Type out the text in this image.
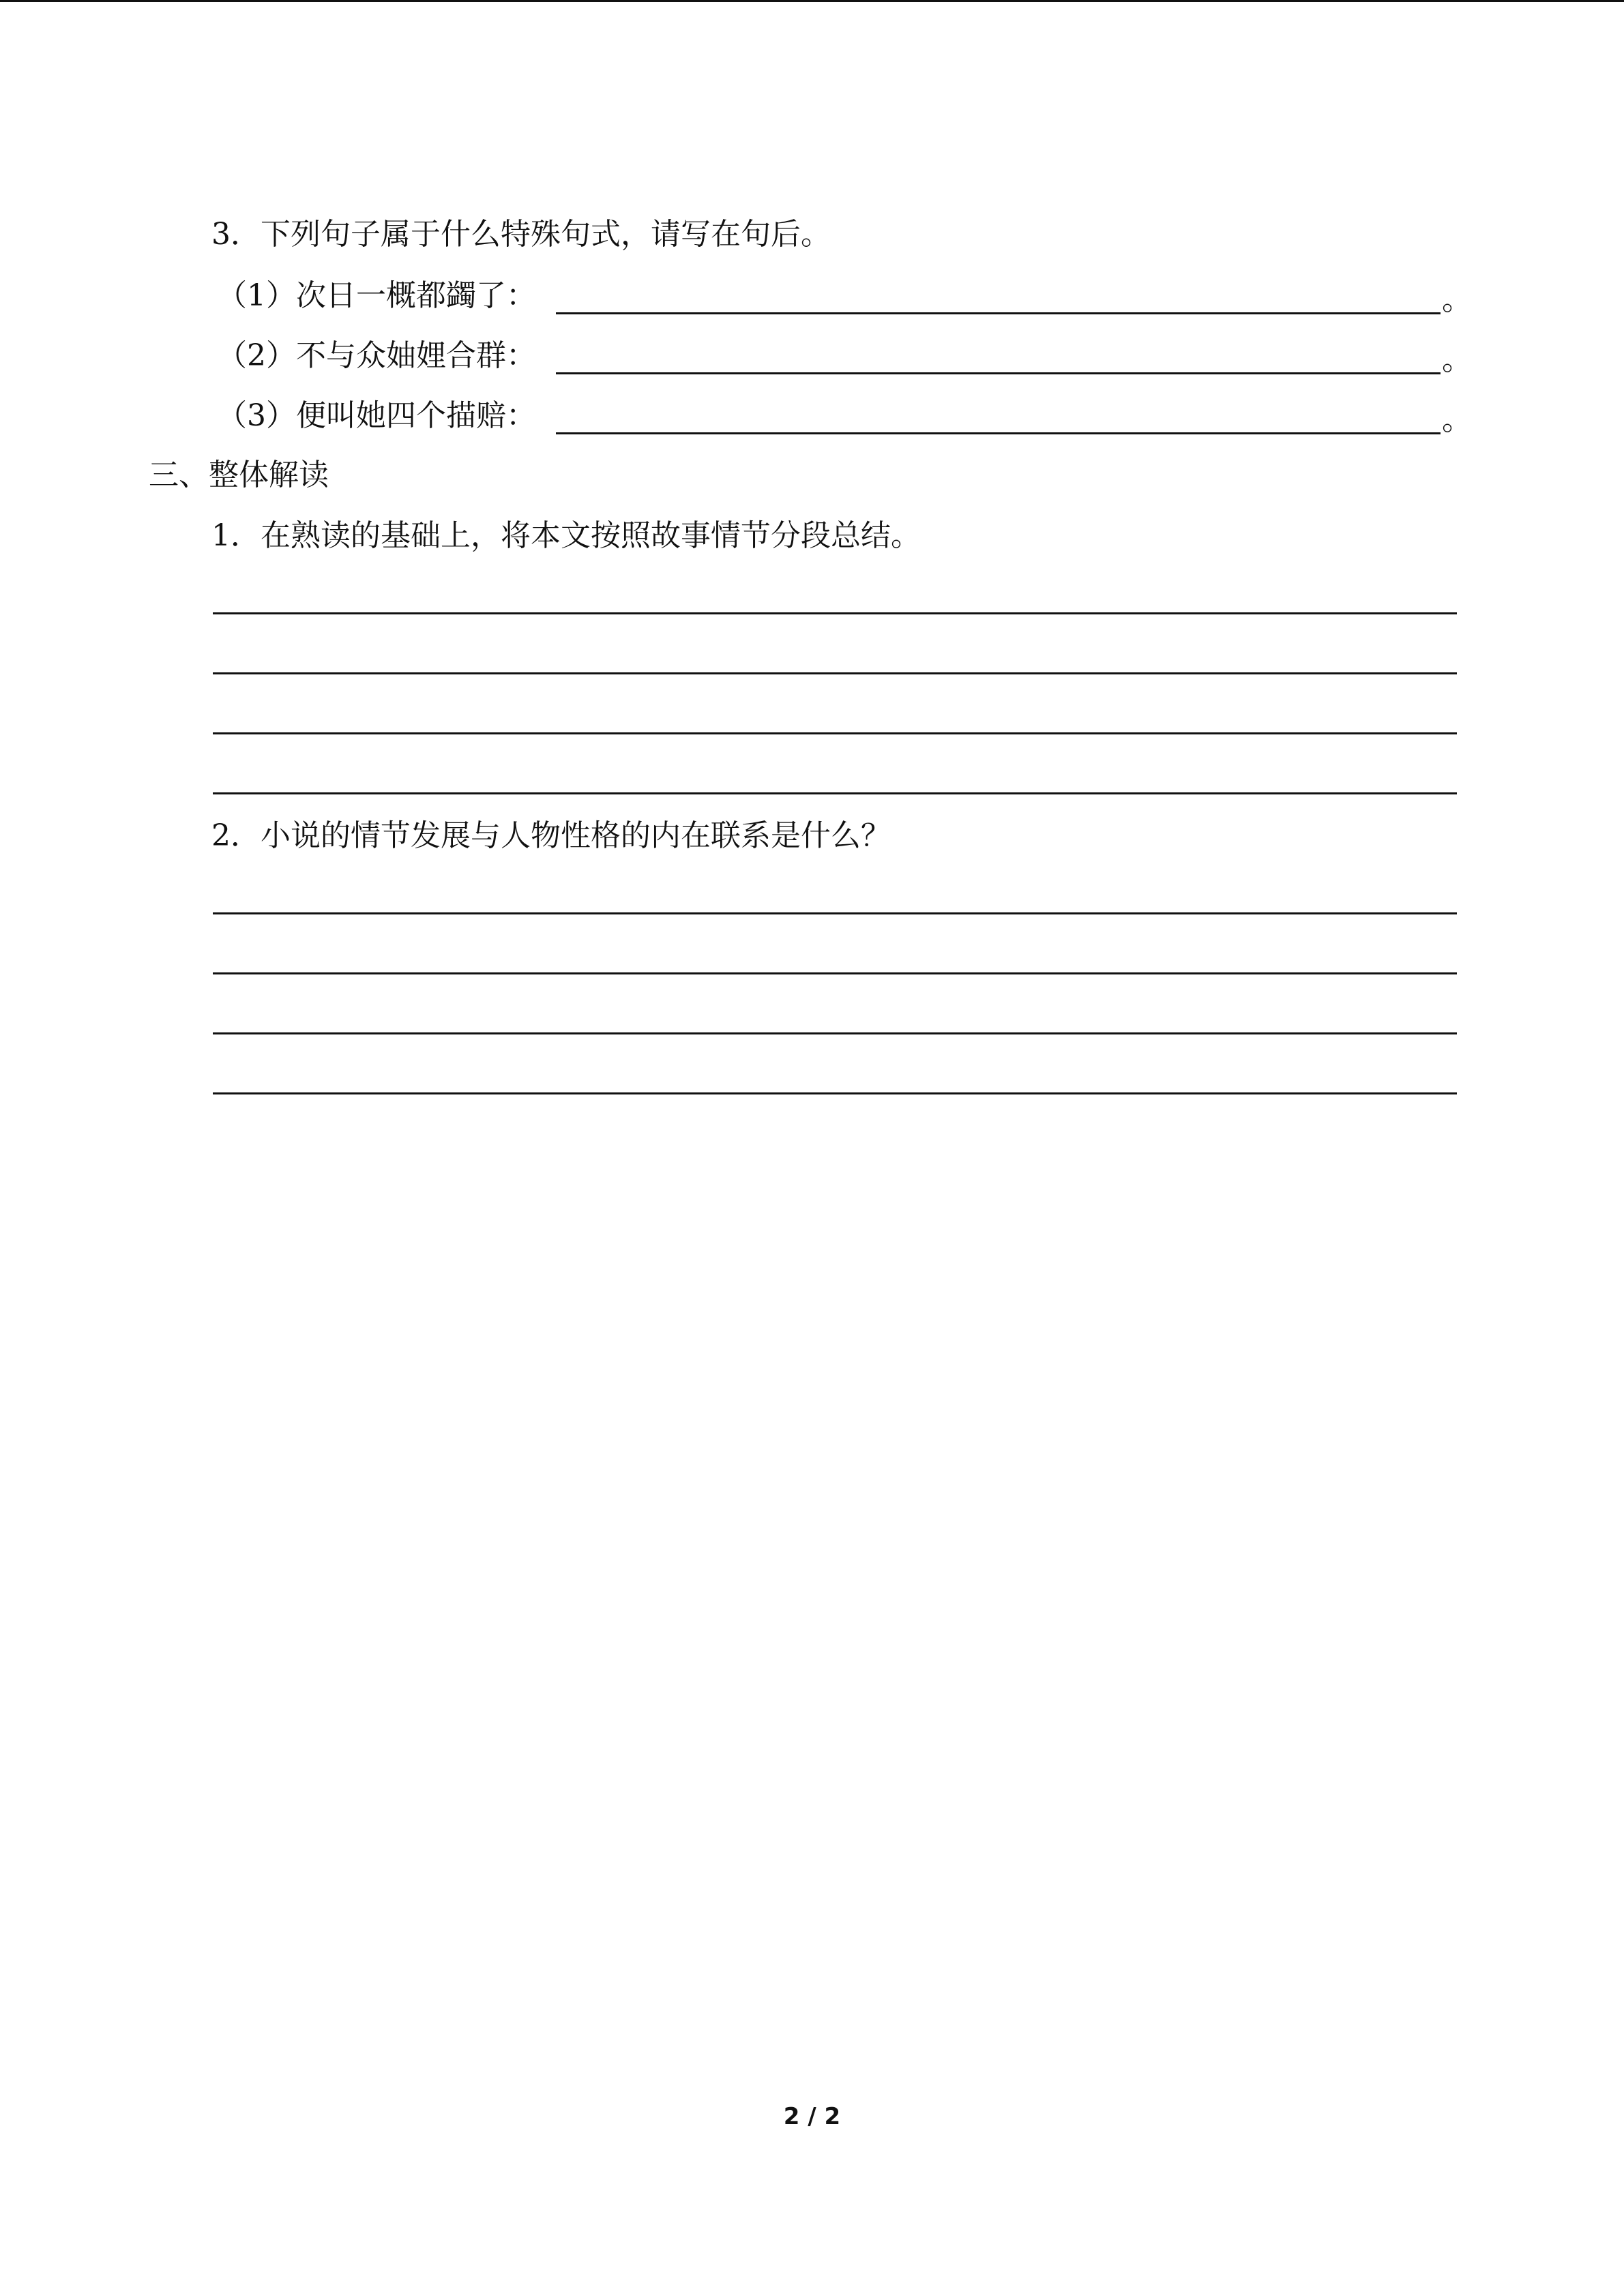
3．下列句子属于什么特殊句式，请写在句后。
（1）次日一概都蠲了：	。
（2）不与众妯娌合群：	。
（3）便叫她四个描赔：	。
三、整体解读
1．在熟读的基础上，将本文按照故事情节分段总结。
2．小说的情节发展与人物性格的内在联系是什么？
2 / 2
